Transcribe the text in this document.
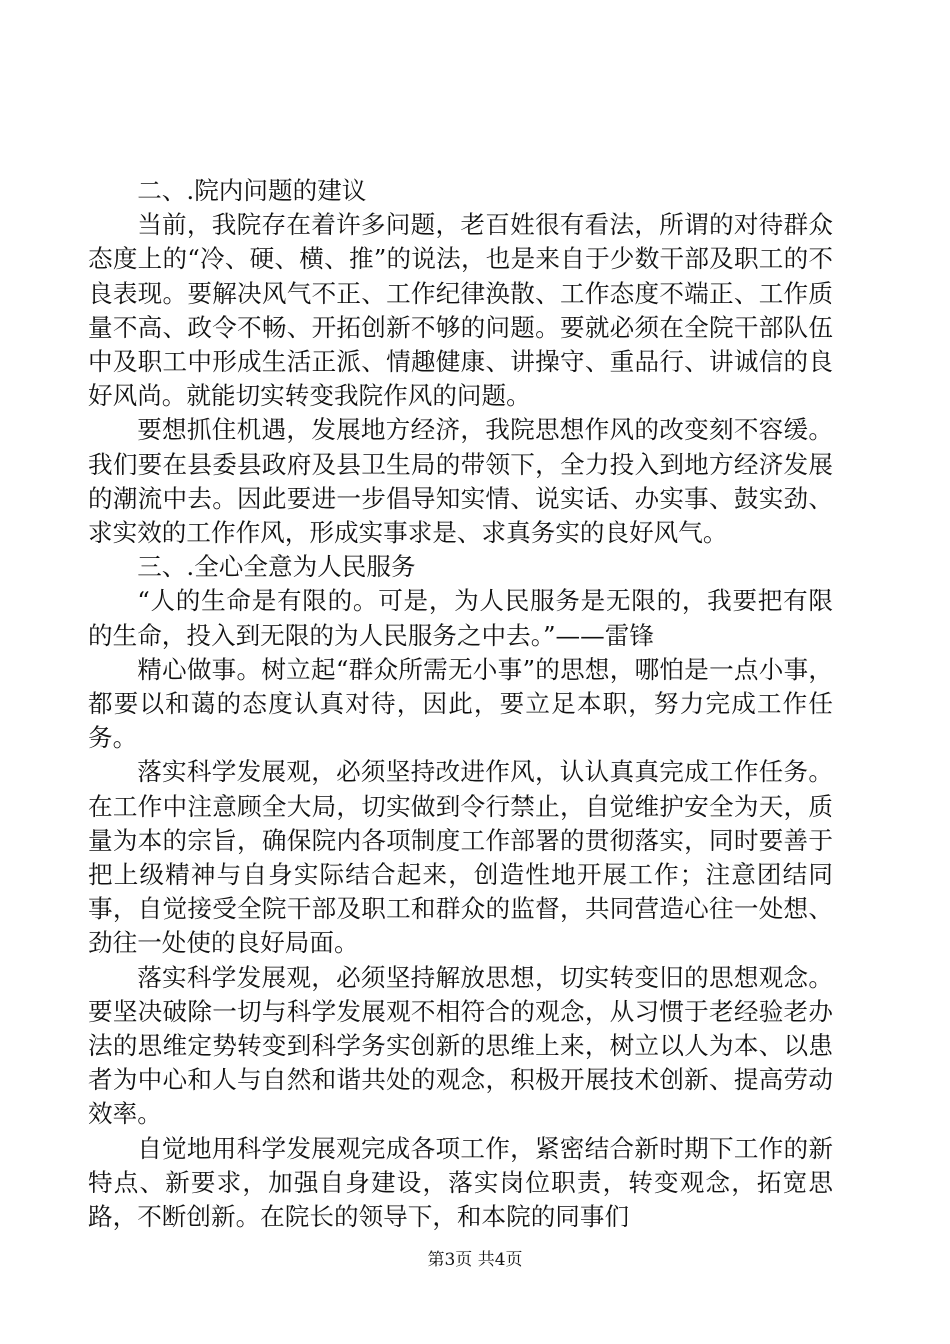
二、.院内问题的建议

当前，我院存在着许多问题，老百姓很有看法，所谓的对待群众态度上的“冷、硬、横、推”的说法，也是来自于少数干部及职工的不良表现。要解决风气不正、工作纪律涣散、工作态度不端正、工作质量不高、政令不畅、开拓创新不够的问题。要就必须在全院干部队伍中及职工中形成生活正派、情趣健康、讲操守、重品行、讲诚信的良好风尚。就能切实转变我院作风的问题。

要想抓住机遇，发展地方经济，我院思想作风的改变刻不容缓。我们要在县委县政府及县卫生局的带领下，全力投入到地方经济发展的潮流中去。因此要进一步倡导知实情、说实话、办实事、鼓实劲、求实效的工作作风，形成实事求是、求真务实的良好风气。

三、.全心全意为人民服务

“人的生命是有限的。可是，为人民服务是无限的，我要把有限的生命，投入到无限的为人民服务之中去。”——雷锋

精心做事。树立起“群众所需无小事”的思想，哪怕是一点小事，都要以和蔼的态度认真对待，因此，要立足本职，努力完成工作任务。

落实科学发展观，必须坚持改进作风，认认真真完成工作任务。在工作中注意顾全大局，切实做到令行禁止，自觉维护安全为天，质量为本的宗旨，确保院内各项制度工作部署的贯彻落实，同时要善于把上级精神与自身实际结合起来，创造性地开展工作；注意团结同事，自觉接受全院干部及职工和群众的监督，共同营造心往一处想、劲往一处使的良好局面。

落实科学发展观，必须坚持解放思想，切实转变旧的思想观念。要坚决破除一切与科学发展观不相符合的观念，从习惯于老经验老办法的思维定势转变到科学务实创新的思维上来，树立以人为本、以患者为中心和人与自然和谐共处的观念，积极开展技术创新、提高劳动效率。

自觉地用科学发展观完成各项工作，紧密结合新时期下工作的新特点、新要求，加强自身建设，落实岗位职责，转变观念，拓宽思路，不断创新。在院长的领导下，和本院的同事们

第3页 共4页
